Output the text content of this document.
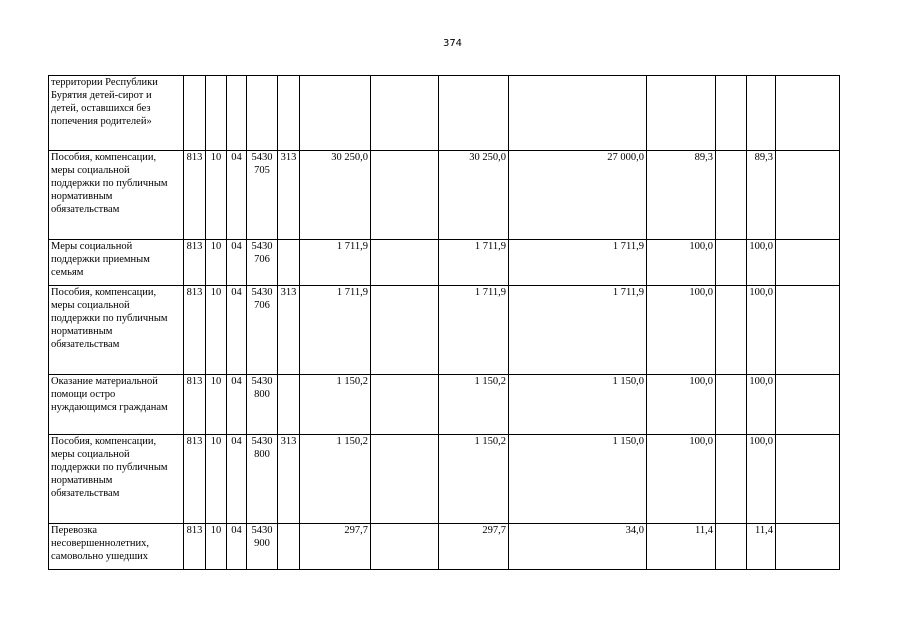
374
территории Республики Бурятия детей-сирот и детей, оставшихся без попечения родителей»													
Пособия, компенсации, меры социальной поддержки по публичным нормативным обязательствам	813	10	04	5430 705	313	30 250,0		30 250,0	27 000,0	89,3		89,3	
Меры социальной поддержки приемным семьям	813	10	04	5430 706		1 711,9		1 711,9	1 711,9	100,0		100,0	
Пособия, компенсации, меры социальной поддержки по публичным нормативным обязательствам	813	10	04	5430 706	313	1 711,9		1 711,9	1 711,9	100,0		100,0	
Оказание материальной помощи остро нуждающимся гражданам	813	10	04	5430 800		1 150,2		1 150,2	1 150,0	100,0		100,0	
Пособия, компенсации, меры социальной поддержки по публичным нормативным обязательствам	813	10	04	5430 800	313	1 150,2		1 150,2	1 150,0	100,0		100,0	
Перевозка несовершеннолетних, самовольно ушедших	813	10	04	5430 900		297,7		297,7	34,0	11,4		11,4	
